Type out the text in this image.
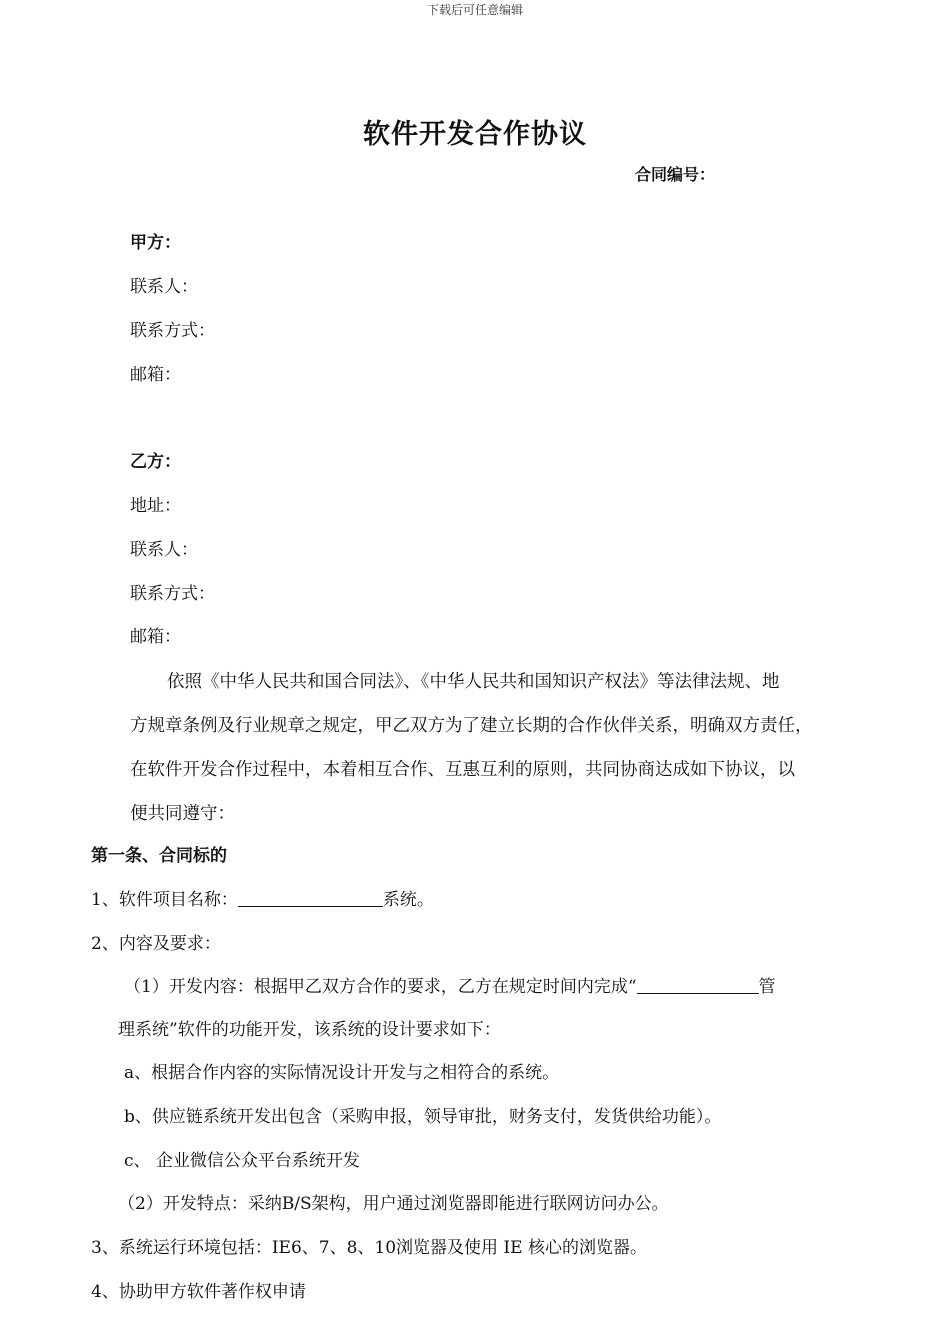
下载后可任意编辑
软件开发合作协议
合同编号：
甲方：
联系人：
联系方式：
邮箱：
乙方：
地址：
联系人：
联系方式：
邮箱：

依照《中华人民共和国合同法》、《中华人民共和国知识产权法》等法律法规、地

方规章条例及行业规章之规定，甲乙双方为了建立长期的合作伙伴关系，明确双方责任，

在软件开发合作过程中，本着相互合作、互惠互利的原则，共同协商达成如下协议，以

便共同遵守：

第一条、合同标的
1、软件项目名称：	系统。
2、内容及要求：
（1）开发内容：根据甲乙双方合作的要求，乙方在规定时间内完成“	管
理系统”软件的功能开发，该系统的设计要求如下：
a、根据合作内容的实际情况设计开发与之相符合的系统。
b、供应链系统开发出包含（采购申报，领导审批，财务支付，发货供给功能）。
c、 企业微信公众平台系统开发
（2）开发特点：采纳B/S架构，用户通过浏览器即能进行联网访问办公。
3、系统运行环境包括：IE6、7、8、10浏览器及使用 IE 核心的浏览器。
4、协助甲方软件著作权申请
